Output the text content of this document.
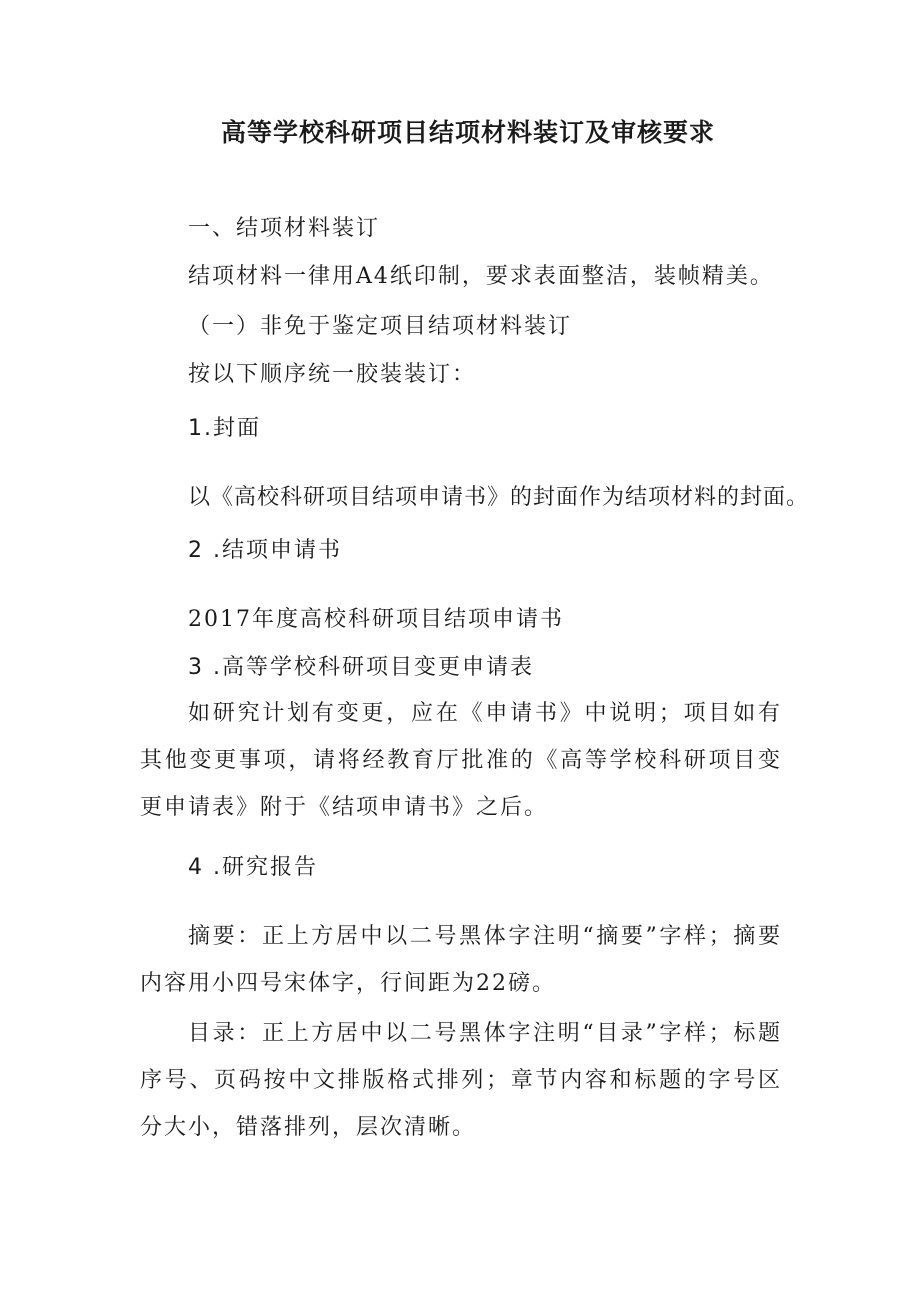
高等学校科研项目结项材料装订及审核要求

一、结项材料装订

结项材料一律用A4纸印制，要求表面整洁，装帧精美。

（一）非免于鉴定项目结项材料装订

按以下顺序统一胶装装订：

1.封面

以《高校科研项目结项申请书》的封面作为结项材料的封面。

2 .结项申请书

2017年度高校科研项目结项申请书

3 .高等学校科研项目变更申请表

如研究计划有变更，应在《申请书》中说明；项目如有其他变更事项，请将经教育厅批准的《高等学校科研项目变更申请表》附于《结项申请书》之后。

4 .研究报告

摘要：正上方居中以二号黑体字注明“摘要”字样；摘要内容用小四号宋体字，行间距为22磅。

目录：正上方居中以二号黑体字注明“目录”字样；标题序号、页码按中文排版格式排列；章节内容和标题的字号区分大小，错落排列，层次清晰。
